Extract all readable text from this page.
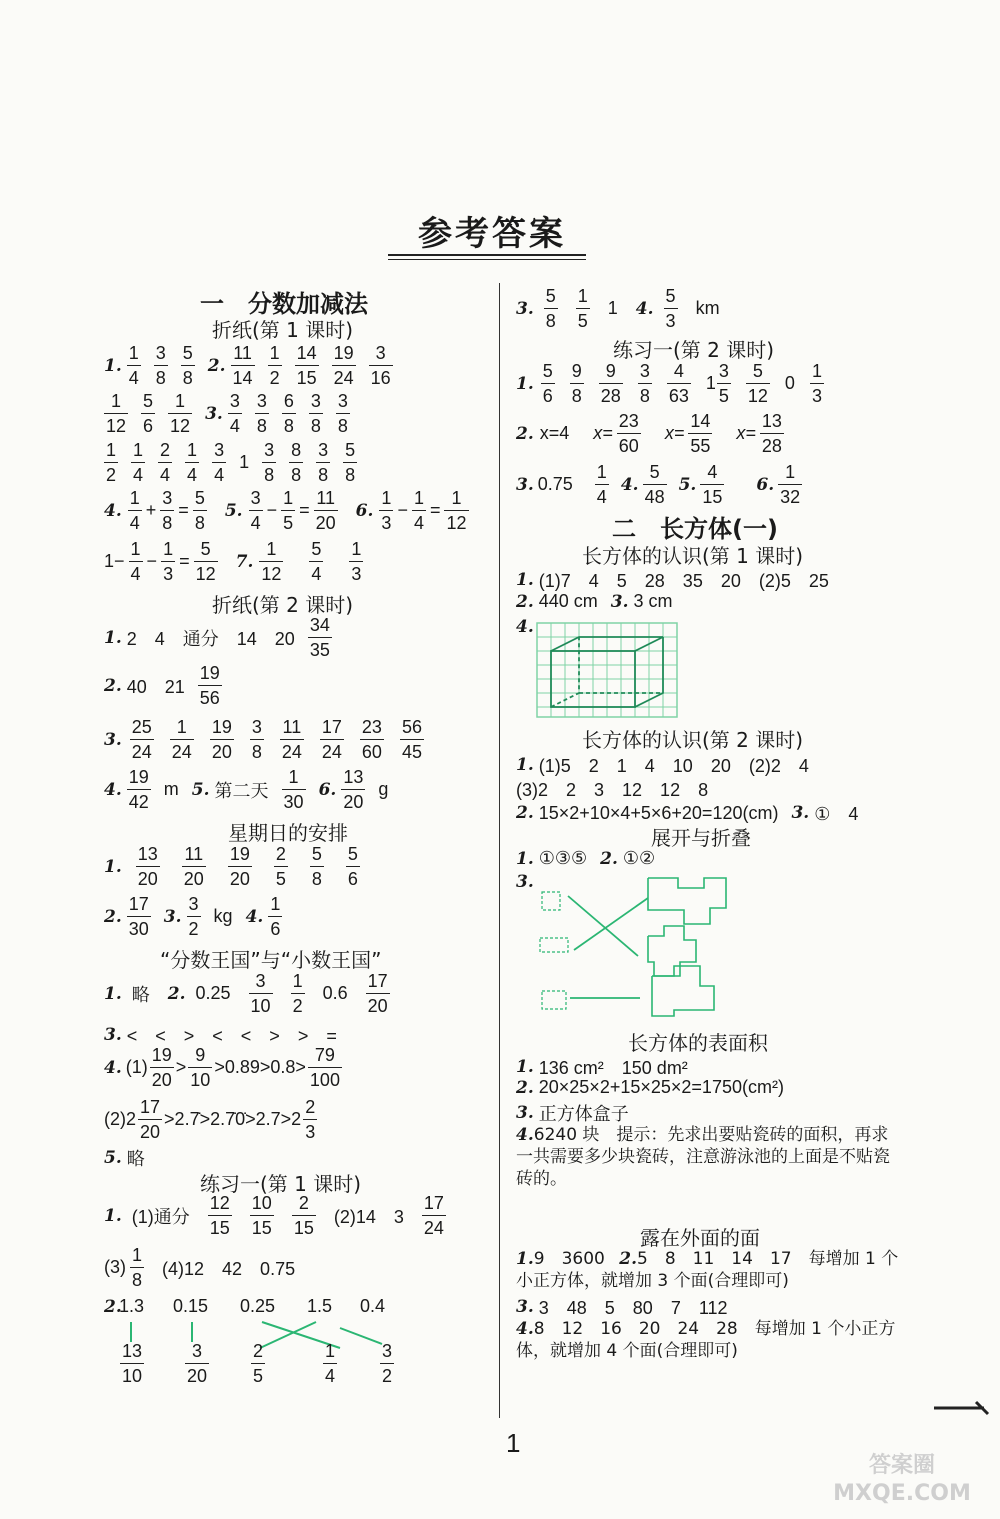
参考答案
一　分数加减法
折纸(第 1 课时)
1. $\frac{1}{4} \frac{3}{8} \frac{5}{8} 2$. $\frac{11}{14} \frac{1}{2} \frac{14}{15} \frac{19}{24} \frac{3}{16}$
$\frac{1}{12} \frac{5}{6} \frac{1}{12} 3$. $\frac{3}{4} \frac{3}{8} \frac{6}{8} \frac{3}{8} \frac{3}{8}$
$\frac{1}{2} \frac{1}{4} \frac{2}{4} \frac{1}{4} \frac{3}{4} 1 \frac{3}{8} \frac{8}{8} \frac{3}{8} \frac{5}{8}$
4. $\frac{1}{4} + \frac{3}{8} = \frac{5}{8} 5$. $\frac{3}{4} - \frac{1}{5} = \frac{11}{20} 6$. $\frac{1}{3} - \frac{1}{4} = \frac{1}{12}$
$1- \frac{1}{4} - \frac{1}{3} = \frac{5}{12} 7$. $\frac{1}{12} \frac{5}{4} \frac{1}{3}$
折纸(第 2 课时)
1. 2　4　通分　14　$20 \frac{34}{35}$
2. 40　$21 \frac{19}{56}$
3. $\frac{25}{24} \frac{1}{24} \frac{19}{20} \frac{3}{8} \frac{11}{24} \frac{17}{24} \frac{23}{60} \frac{56}{45}$
4. $\frac{19}{42}$ m 5. 第二天 $\frac{1}{30} 6$. $\frac{13}{20}$ g
星期日的安排
1. $\frac{13}{20} \frac{11}{20} \frac{19}{20} \frac{2}{5} \frac{5}{8} \frac{5}{6}$
2. $\frac{17}{30} 3$. $\frac{3}{2}$ kg 4. $\frac{1}{6}$
“分数王国”与“小数王国”
1. 略 2. $0.25 \frac{3}{10} \frac{1}{2} 0.6 \frac{17}{20}$
3. <　<　>　<　<　>　>　=
4. $(1) \frac{19}{20} > \frac{9}{10} >0.89>0.8> \frac{79}{100}$
$(2)2 \frac{17}{20}$ >2.7̇>2.7̇0̇>2.7>2 $\frac{2}{3}$
5. 略
练习一(第 1 课时)
1. (1)通分 $\frac{12}{15} \frac{10}{15} \frac{2}{15} (2)14$　$3 \frac{17}{24}$
$(3) \frac{1}{8} (4)12$　42　0.75
2.
1.3 0.15 0.25 1.5 0.4
$\frac{13}{10} \frac{3}{20} \frac{2}{5}$	$\frac{1}{4} \frac{3}{2}$
3. $\frac{5}{8} \frac{1}{5} 1$ 4. $\frac{5}{3}$ km
练习一(第 2 课时)
1. $\frac{5}{6} \frac{9}{8} \frac{9}{28} \frac{3}{8} \frac{4}{63} 1 \frac{3}{5} \frac{5}{12} 0 \frac{1}{3}$
2. x=4 $x= \frac{23}{60} x= \frac{14}{55} x= \frac{13}{28}$
3. $0.75 \frac{1}{4} 4$. $\frac{5}{48} 5$. $\frac{4}{15} 6$. $\frac{1}{32}$
二　长方体(一)
长方体的认识(第 1 课时)
1. (1)7　4　5　28　35　20　(2)5　25
2. 440 cm 3. 3 cm
4.
长方体的认识(第 2 课时)
1. (1)5　2　1　4　10　20　(2)2　4
(3)2　2　3　12　12　8
2. 15×2+10×4+5×6+20=120(cm) 3. ①　4
展开与折叠
1. ①③⑤ 2. ①②
3.
长方体的表面积
1. 136 cm²　150 dm²
2. 20×25×2+15×25×2=1750(cm²)
3. 正方体盒子
4.6240 块　提示：先求出要贴瓷砖的面积，再求一共需要多少块瓷砖，注意游泳池的上面是不贴瓷砖的。
露在外面的面
1.9　3600 2.5　8　11　14　17　每增加 1 个小正方体，就增加 3 个面(合理即可)
3. 3　48　5　80　7　112
4.8　12　16　20　24　28　每增加 1 个小正方体，就增加 4 个面(合理即可)
1
答案圈 MXQE.COM
